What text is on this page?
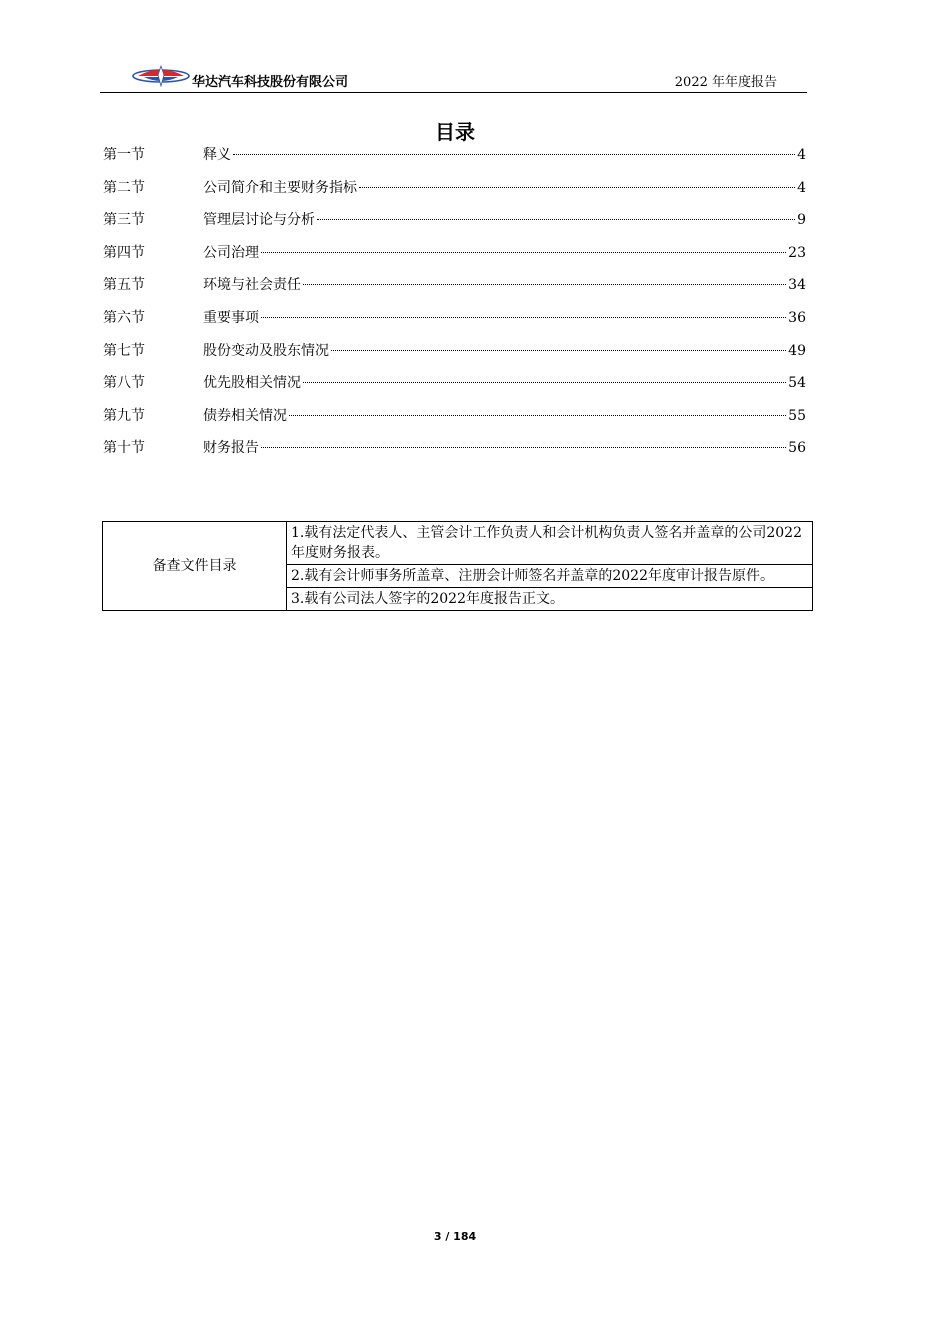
华达汽车科技股份有限公司	2022 年年度报告
目录
第一节	释义	4
第二节	公司简介和主要财务指标	4
第三节	管理层讨论与分析	9
第四节	公司治理	23
第五节	环境与社会责任	34
第六节	重要事项	36
第七节	股份变动及股东情况	49
第八节	优先股相关情况	54
第九节	债券相关情况	55
第十节	财务报告	56
备查文件目录	1.载有法定代表人、主管会计工作负责人和会计机构负责人签名并盖章的公司2022年度财务报表。
2.载有会计师事务所盖章、注册会计师签名并盖章的2022年度审计报告原件。
3.载有公司法人签字的2022年度报告正文。
3 / 184
